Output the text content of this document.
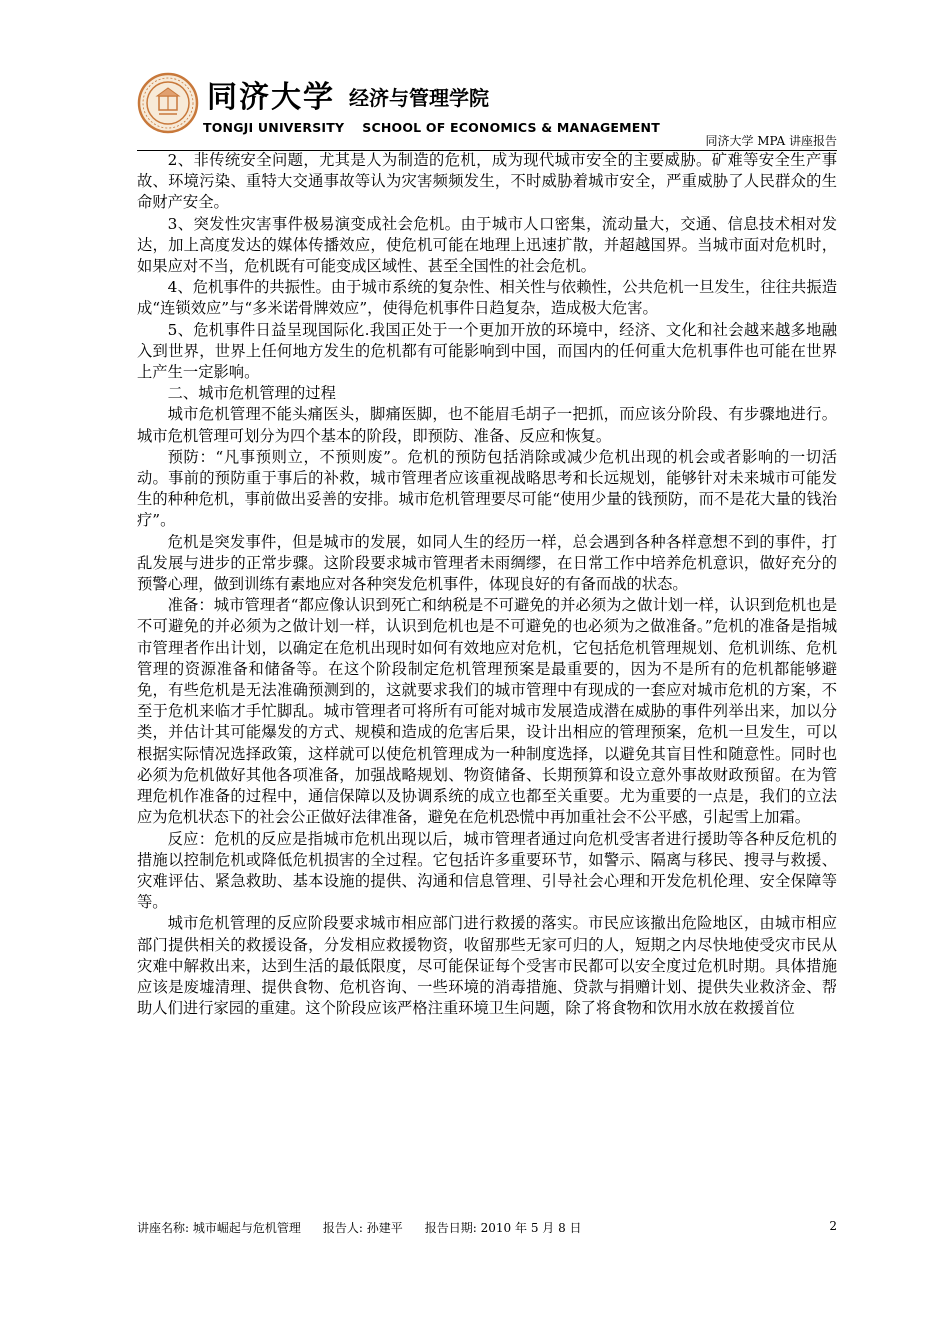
同济大学 经济与管理学院
TONGJI UNIVERSITY SCHOOL OF ECONOMICS & MANAGEMENT
同济大学 MPA 讲座报告

2、非传统安全问题，尤其是人为制造的危机，成为现代城市安全的主要威胁。矿难等安全生产事故、环境污染、重特大交通事故等认为灾害频频发生，不时威胁着城市安全，严重威胁了人民群众的生命财产安全。

3、突发性灾害事件极易演变成社会危机。由于城市人口密集，流动量大，交通、信息技术相对发达，加上高度发达的媒体传播效应，使危机可能在地理上迅速扩散，并超越国界。当城市面对危机时，如果应对不当，危机既有可能变成区域性、甚至全国性的社会危机。

4、危机事件的共振性。由于城市系统的复杂性、相关性与依赖性，公共危机一旦发生，往往共振造成“连锁效应”与“多米诺骨牌效应”，使得危机事件日趋复杂，造成极大危害。

5、危机事件日益呈现国际化.我国正处于一个更加开放的环境中，经济、文化和社会越来越多地融入到世界，世界上任何地方发生的危机都有可能影响到中国，而国内的任何重大危机事件也可能在世界上产生一定影响。

二、城市危机管理的过程

城市危机管理不能头痛医头，脚痛医脚，也不能眉毛胡子一把抓，而应该分阶段、有步骤地进行。城市危机管理可划分为四个基本的阶段，即预防、准备、反应和恢复。

预防：“凡事预则立，不预则废”。危机的预防包括消除或减少危机出现的机会或者影响的一切活动。事前的预防重于事后的补救，城市管理者应该重视战略思考和长远规划，能够针对未来城市可能发生的种种危机，事前做出妥善的安排。城市危机管理要尽可能“使用少量的钱预防，而不是花大量的钱治疗”。

危机是突发事件，但是城市的发展，如同人生的经历一样，总会遇到各种各样意想不到的事件，打乱发展与进步的正常步骤。这阶段要求城市管理者未雨绸缪，在日常工作中培养危机意识，做好充分的预警心理，做到训练有素地应对各种突发危机事件，体现良好的有备而战的状态。

准备：城市管理者“都应像认识到死亡和纳税是不可避免的并必须为之做计划一样，认识到危机也是不可避免的并必须为之做计划一样，认识到危机也是不可避免的也必须为之做准备。”危机的准备是指城市管理者作出计划，以确定在危机出现时如何有效地应对危机，它包括危机管理规划、危机训练、危机管理的资源准备和储备等。在这个阶段制定危机管理预案是最重要的，因为不是所有的危机都能够避免，有些危机是无法准确预测到的，这就要求我们的城市管理中有现成的一套应对城市危机的方案，不至于危机来临才手忙脚乱。城市管理者可将所有可能对城市发展造成潜在威胁的事件列举出来，加以分类，并估计其可能爆发的方式、规模和造成的危害后果，设计出相应的管理预案，危机一旦发生，可以根据实际情况选择政策，这样就可以使危机管理成为一种制度选择，以避免其盲目性和随意性。同时也必须为危机做好其他各项准备，加强战略规划、物资储备、长期预算和设立意外事故财政预留。在为管理危机作准备的过程中，通信保障以及协调系统的成立也都至关重要。尤为重要的一点是，我们的立法应为危机状态下的社会公正做好法律准备，避免在危机恐慌中再加重社会不公平感，引起雪上加霜。

反应：危机的反应是指城市危机出现以后，城市管理者通过向危机受害者进行援助等各种反危机的措施以控制危机或降低危机损害的全过程。它包括许多重要环节，如警示、隔离与移民、搜寻与救援、灾难评估、紧急救助、基本设施的提供、沟通和信息管理、引导社会心理和开发危机伦理、安全保障等等。

城市危机管理的反应阶段要求城市相应部门进行救援的落实。市民应该撤出危险地区，由城市相应部门提供相关的救援设备，分发相应救援物资，收留那些无家可归的人，短期之内尽快地使受灾市民从灾难中解救出来，达到生活的最低限度，尽可能保证每个受害市民都可以安全度过危机时期。具体措施应该是废墟清理、提供食物、危机咨询、一些环境的消毒措施、贷款与捐赠计划、提供失业救济金、帮助人们进行家园的重建。这个阶段应该严格注重环境卫生问题，除了将食物和饮用水放在救援首位

讲座名称: 城市崛起与危机管理 报告人: 孙建平 报告日期: 2010 年 5 月 8 日	2
